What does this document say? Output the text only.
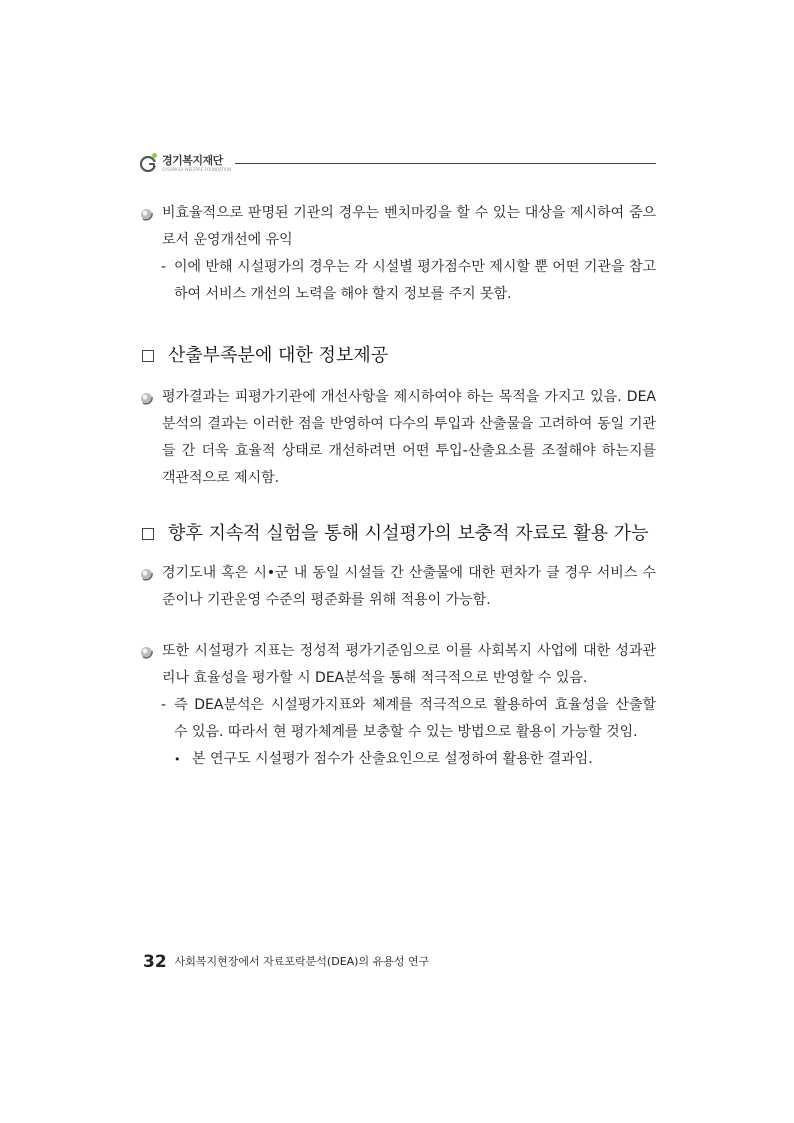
경기복지재단
GYEONGGI WELFARE FOUNDATION
비효율적으로 판명된 기관의 경우는 벤치마킹을 할 수 있는 대상을 제시하여 줌으로서 운영개선에 유익
- 이에 반해 시설평가의 경우는 각 시설별 평가점수만 제시할 뿐 어떤 기관을 참고하여 서비스 개선의 노력을 해야 할지 정보를 주지 못함.
산출부족분에 대한 정보제공
평가결과는 피평가기관에 개선사항을 제시하여야 하는 목적을 가지고 있음. DEA분석의 결과는 이러한 점을 반영하여 다수의 투입과 산출물을 고려하여 동일 기관들 간 더욱 효율적 상태로 개선하려면 어떤 투입-산출요소를 조절해야 하는지를 객관적으로 제시함.
향후 지속적 실험을 통해 시설평가의 보충적 자료로 활용 가능
경기도내 혹은 시•군 내 동일 시설들 간 산출물에 대한 편차가 클 경우 서비스 수준이나 기관운영 수준의 평준화를 위해 적용이 가능함.
또한 시설평가 지표는 정성적 평가기준임으로 이를 사회복지 사업에 대한 성과관리나 효율성을 평가할 시 DEA분석을 통해 적극적으로 반영할 수 있음.
- 즉 DEA분석은 시설평가지표와 체계를 적극적으로 활용하여 효율성을 산출할 수 있음. 따라서 현 평가체계를 보충할 수 있는 방법으로 활용이 가능할 것임.
• 본 연구도 시설평가 점수가 산출요인으로 설정하여 활용한 결과임.
32 사회복지현장에서 자료포락분석(DEA)의 유용성 연구
